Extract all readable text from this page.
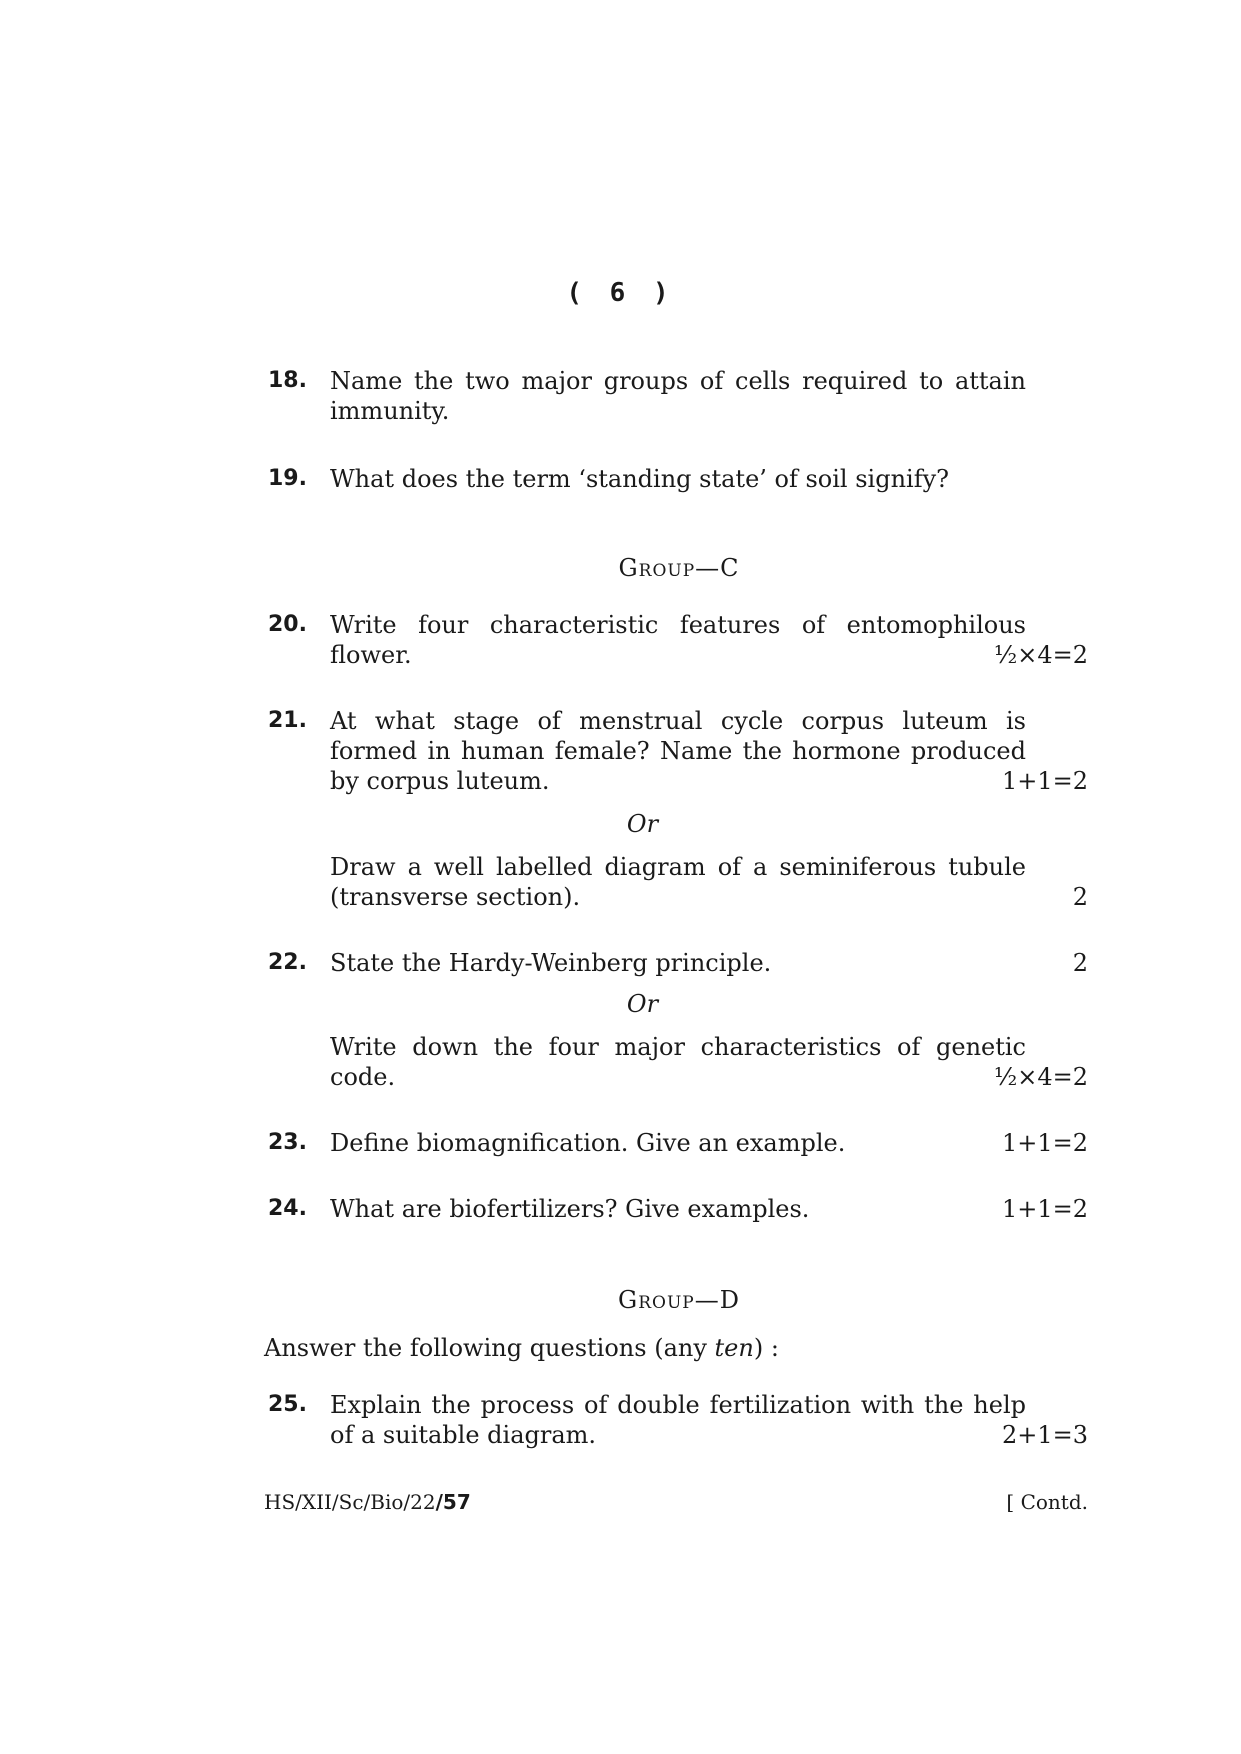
( 6 )
18. Name the two major groups of cells required to attain immunity.
19. What does the term ‘standing state’ of soil signify?
Group—C
20. Write four characteristic features of entomophilous flower.	½×4=2
21. At what stage of menstrual cycle corpus luteum is formed in human female? Name the hormone produced by corpus luteum.	1+1=2
Or
Draw a well labelled diagram of a seminiferous tubule (transverse section).	2
22. State the Hardy-Weinberg principle.	2
Or
Write down the four major characteristics of genetic code.	½×4=2
23. Define biomagnification. Give an example.	1+1=2
24. What are biofertilizers? Give examples.	1+1=2
Group—D
Answer the following questions (any ten) :
25. Explain the process of double fertilization with the help of a suitable diagram.	2+1=3
HS/XII/Sc/Bio/22/57	[ Contd.
